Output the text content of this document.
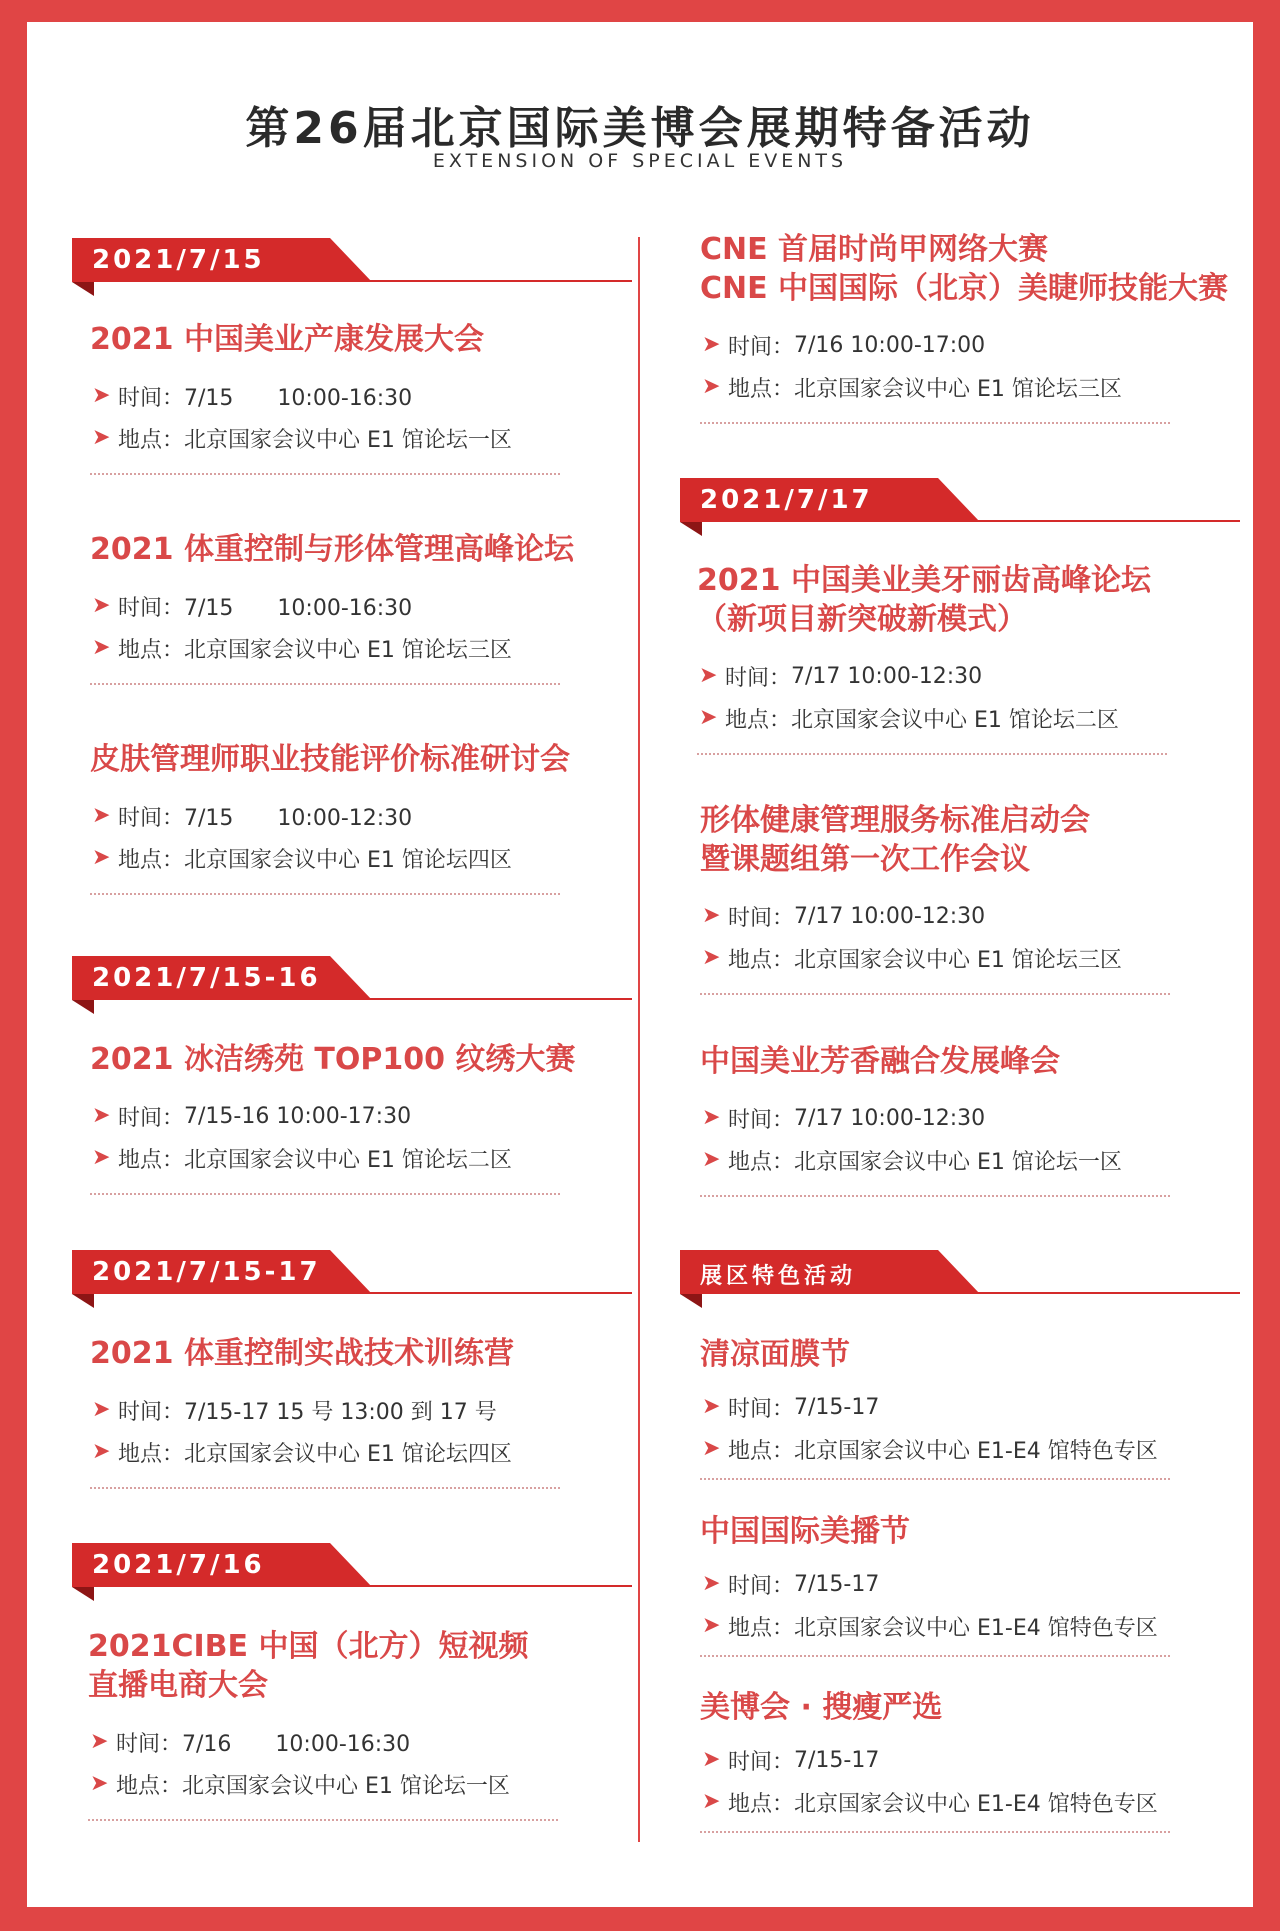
第26届北京国际美博会展期特备活动
EXTENSION OF SPECIAL EVENTS
2021/7/15
2021 中国美业产康发展大会
➤ 时间： 7/15　　10:00-16:30
➤ 地点： 北京国家会议中心 E1 馆论坛一区
2021 体重控制与形体管理高峰论坛
➤ 时间： 7/15　　10:00-16:30
➤ 地点： 北京国家会议中心 E1 馆论坛三区
皮肤管理师职业技能评价标准研讨会
➤ 时间： 7/15　　10:00-12:30
➤ 地点： 北京国家会议中心 E1 馆论坛四区
2021/7/15-16
2021 冰洁绣苑 TOP100 纹绣大赛
➤ 时间： 7/15-16 10:00-17:30
➤ 地点： 北京国家会议中心 E1 馆论坛二区
2021/7/15-17
2021 体重控制实战技术训练营
➤ 时间： 7/15-17 15 号 13:00 到 17 号
➤ 地点： 北京国家会议中心 E1 馆论坛四区
2021/7/16
2021CIBE 中国（北方）短视频
直播电商大会
➤ 时间： 7/16　　10:00-16:30
➤ 地点： 北京国家会议中心 E1 馆论坛一区
CNE 首届时尚甲网络大赛
CNE 中国国际（北京）美睫师技能大赛
➤ 时间： 7/16 10:00-17:00
➤ 地点： 北京国家会议中心 E1 馆论坛三区
2021/7/17
2021 中国美业美牙丽齿高峰论坛
（新项目新突破新模式）
➤ 时间： 7/17 10:00-12:30
➤ 地点： 北京国家会议中心 E1 馆论坛二区
形体健康管理服务标准启动会
暨课题组第一次工作会议
➤ 时间： 7/17 10:00-12:30
➤ 地点： 北京国家会议中心 E1 馆论坛三区
中国美业芳香融合发展峰会
➤ 时间： 7/17 10:00-12:30
➤ 地点： 北京国家会议中心 E1 馆论坛一区
展区特色活动
清凉面膜节
➤ 时间： 7/15-17
➤ 地点： 北京国家会议中心 E1-E4 馆特色专区
中国国际美播节
➤ 时间： 7/15-17
➤ 地点： 北京国家会议中心 E1-E4 馆特色专区
美博会 · 搜瘦严选
➤ 时间： 7/15-17
➤ 地点： 北京国家会议中心 E1-E4 馆特色专区
